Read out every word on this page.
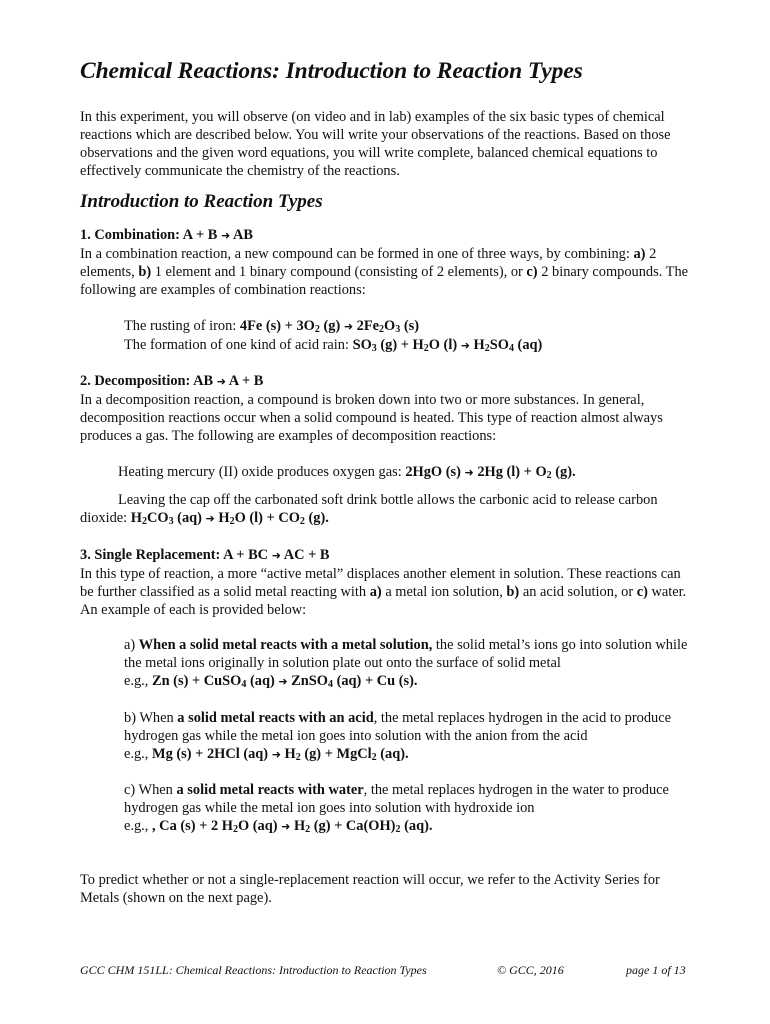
Chemical Reactions: Introduction to Reaction Types

In this experiment, you will observe (on video and in lab) examples of the six basic types of chemical reactions which are described below. You will write your observations of the reactions. Based on those observations and the given word equations, you will write complete, balanced chemical equations to effectively communicate the chemistry of the reactions.

Introduction to Reaction Types

1. Combination: A + B ➜ AB

In a combination reaction, a new compound can be formed in one of three ways, by combining: a) 2 elements, b) 1 element and 1 binary compound (consisting of 2 elements), or c) 2 binary compounds. The following are examples of combination reactions:

The rusting of iron: 4Fe $(s) + 3O_2$ (g) ➜ $2Fe_2O_3$ (s)

The formation of one kind of acid rain: $SO_3$ $(g) + H_2O$ (l) ➜ $H_2SO_4$ (aq)

2. Decomposition: AB ➜ A + B

In a decomposition reaction, a compound is broken down into two or more substances. In general, decomposition reactions occur when a solid compound is heated. This type of reaction almost always produces a gas. The following are examples of decomposition reactions:

Heating mercury (II) oxide produces oxygen gas: 2HgO (s) ➜ 2Hg $(l) + O_2$ (g).

Leaving the cap off the carbonated soft drink bottle allows the carbonic acid to release carbon dioxide: $H_2CO_3$ (aq) ➜ $H_2O$ $(l) + CO_2$ (g).

3. Single Replacement: A + BC ➜ AC + B

In this type of reaction, a more “active metal” displaces another element in solution. These reactions can be further classified as a solid metal reacting with a) a metal ion solution, b) an acid solution, or c) water. An example of each is provided below:

a) When a solid metal reacts with a metal solution, the solid metal’s ions go into solution while the metal ions originally in solution plate out onto the surface of solid metal

e.g., Zn (s) + CuSO$_4$ (aq) ➜ ZnSO$_4$ (aq) + Cu (s).

b) When a solid metal reacts with an acid, the metal replaces hydrogen in the acid to produce hydrogen gas while the metal ion goes into solution with the anion from the acid

e.g., Mg (s) + 2HCl (aq) ➜ $H_2$ (g) + MgCl$_2$ (aq).

c) When a solid metal reacts with water, the metal replaces hydrogen in the water to produce hydrogen gas while the metal ion goes into solution with hydroxide ion

e.g., , Ca (s) + 2 $H_2O$ (aq) ➜ $H_2$ $(g) + Ca(OH)_2$ (aq).

To predict whether or not a single-replacement reaction will occur, we refer to the Activity Series for Metals (shown on the next page).

GCC CHM 151LL: Chemical Reactions: Introduction to Reaction Types	© GCC, 2016	page 1 of 13
